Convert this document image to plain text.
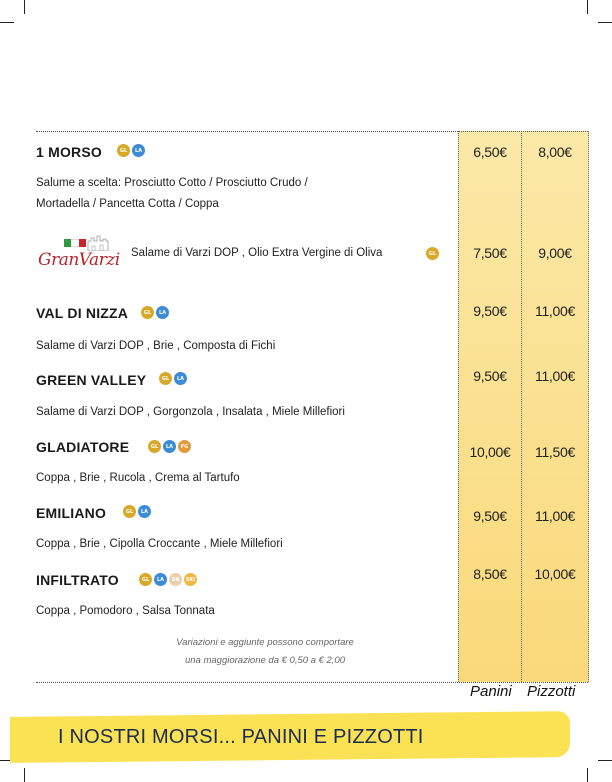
1 MORSO	GL	LA
Salume a scelta: Prosciutto Cotto / Prosciutto Crudo /
Mortadella / Pancetta Cotta / Coppa
6,50€	8,00€
GranVarzi Salame di Varzi DOP , Olio Extra Vergine di Oliva	GL	7,50€	9,00€
VAL DI NIZZA	GL	LA
Salame di Varzi DOP , Brie , Composta di Fichi
9,50€	11,00€
GREEN VALLEY	GL	LA
Salame di Varzi DOP , Gorgonzola , Insalata , Miele Millefiori
9,50€	11,00€
GLADIATORE	GL	LA	FG
Coppa , Brie , Rucola , Crema al Tartufo
10,00€	11,50€
EMILIANO	GL	LA
Coppa , Brie , Cipolla Croccante , Miele Millefiori
9,50€	11,00€
INFILTRATO	GL	LA	SN	SKI
Coppa , Pomodoro , Salsa Tonnata
8,50€	10,00€
Variazioni e aggiunte possono comportare
una maggiorazione da € 0,50 a € 2,00
Panini Pizzotti
I NOSTRI MORSI... PANINI E PIZZOTTI
